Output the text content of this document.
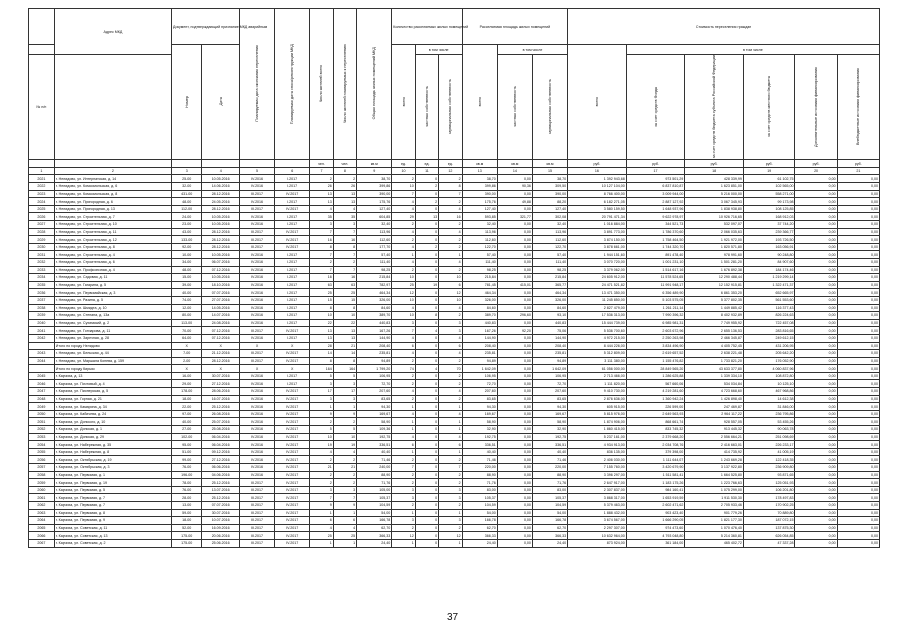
	Адрес МКД	Документ, подтверждающий признание МКД аварийным		Планируемая дата окончания переселения	Планируемая дата сноса/реконструкции МКД	Число жителей всего	Число жителей планируемых к переселению	Общая площадь жилых помещений МКД	Количество расселяемых жилых помещений			Расселяемая площадь жилых помещений			Стоимость переселения граждан					
		Номер	Дата						всего	в том числе		всего	в том числе		всего	в том числе				
№ п/п										частная собственность	муниципальная собственность		частная собственность	муниципальная собственность		за счет средств Фонда	за счет средств бюджета субъекта Российской Федерации	за счет средств местного бюджета	Дополнительные источники финансирования	Внебюджетные источники финансирования
						чел.	чел.	кв.м	ед.	ед.	ед.	кв.м	кв.м	кв.м	руб.	руб.	руб.	руб.	руб.	руб.
1	2	3	4	5	6	7	8	9	10	11	12	13	14	15	16	17	18	19	20	21
2021	г. Нелидово, ул. Интернатская, д. 14	25-00	10.05.2016	IV.2016	I.2017	2	2	38,70	2	0	2	38,70	0,00	38,70	1 392 943,68	973 501,29	428 339,99	61 102,75	0,00	0,00
2022	г. Нелидово, ул. Комсомольская, д. 6	32-00	14.06.2016	IV.2016	I.2017	26	26	399,86	10	2	8	399,86	90,36	309,50	10 127 104,00	6 837 810,87	1 623 851,00	102 565,00	0,00	0,00
2023	г. Нелидово, ул. Комсомольская, д. 8	431-00	28.12.2016	III.2017	IV.2017	13	13	390,00	7	0	7	390,00	0,00	390,00	8 766 400,00	3 009 944,00	5 216 000,00	558 271,00	0,00	0,00
2024	г. Нелидово, ул. Пригородная, д. 6	48-00	24.05.2016	IV.2016	I.2017	13	13	175,76	4	2	2	175,76	49,88	88,20	6 182 271,05	2 887 127,92	3 067 345,93	99 173,98	0,00	0,00
2025	г. Нелидово, ул. Пригородная, д. 13	112-00	28.12.2016	III.2017	IV.2017	4	4	127,40	4	0	4	127,40	0,00	127,40	3 580 159,50	1 648 937,96	1 838 938,80	108 125,85	0,00	0,00
2026	г. Нелидово, ул. Строительная, д. 7	24-00	10.05.2016	IV.2016	I.2017	35	35	604,85	29	13	16	593,85	321,77	302,08	20 791 471,34	9 622 978,97	10 926 716,65	168 912,03	0,00	0,00
2027	г. Нелидово, ул. Строительная, д. 10	23-00	10.05.2016	IV.2016	I.2017	3	3	32,40	2	0	2	32,40	0,00	32,40	1 016 884,00	344 521,73	532 097,07	37 744,20	0,00	0,00
2028	г. Нелидово, ул. Строительная, д. 11	43-00	28.12.2016	III.2017	IV.2017	7	7	113,96	4	0	4	113,96	0,00	113,96	3 891 773,00	1 786 370,60	2 066 035,63	239 366,77	0,00	0,00
2029	г. Нелидово, ул. Строительная, д. 12	133-00	28.12.2016	III.2017	IV.2017	16	16	112,60	2	0	2	112,60	0,00	112,60	3 874 150,00	1 758 464,50	1 921 972,00	193 726,50	0,00	0,00
2030	г. Нелидово, ул. Строительная, д. 8	92-00	28.12.2016	III.2017	IV.2017	8	8	177,70	4	2	2	122,70	0,00	122,70	3 878 661,00	1 744 320,70	1 820 571,80	163 056,91	0,00	0,00
2031	г. Нелидово, ул. Строительная, д. 4	10-00	10.05.2016	IV.2016	I.2017	7	7	57,40	1	0	1	57,40	0,00	57,40	1 944 151,60	891 478,40	978 991,60	90 248,80	0,00	0,00
2032	г. Нелидово, ул. Строительная, д. 6	34-00	06.07.2016	IV.2016	I.2017	2	2	111,40	4	0	4	111,40	0,00	111,40	3 070 720,00	1 001 231,10	1 501 281,20	84 907,60	0,00	0,00
2033	г. Нелидово, ул. Профсоюзная, д. 4	48-00	07.12.2016	IV.2016	I.2017	7	7	98,25	2	0	2	98,25	0,00	98,25	3 379 062,00	1 514 617,16	1 676 892,38	184 174,46	0,00	0,00
2034	г. Нелидово, ул. Садовая, д. 11	15-00	10.05.2016	IV.2016	I.2017	16	16	215,84	10	0	10	215,84	0,00	215,84	24 605 912,00	11 578 524,65	12 290 488,44	1 219 299,14	0,00	0,00
2035	г. Нелидово, ул. Гагарина, д. 5	39-00	18.10.2016	IV.2016	I.2017	63	63	782,97	25	19	6	781,45	415,01	365,77	24 471 521,82	11 991 948,17	12 152 915,81	1 322 471,37	0,00	0,00
2036	г. Нелидово, ул. Первомайская, д. 3	40-00	07.07.2016	IV.2016	I.2017	25	25	464,34	12	0	12	464,34	0,00	464,34	13 471 350,00	6 356 489,90	6 861 353,20	652 665,97	0,00	0,00
2037	г. Нелидово, ул. Разина, д. 5	74-00	27.07.2016	IV.2016	I.2017	15	15	326,00	10	0	10	326,00	0,00	326,00	11 245 850,00	5 103 575,05	5 377 802,35	561 553,60	0,00	0,00
2038	г. Нелидово, ул. Шмидта, д. 10	12-00	14.05.2016	IV.2016	I.2017	8	8	84,60	4	0	4	84,60	0,00	84,60	2 827 479,00	1 261 211,14	1 449 885,42	116 377,43	0,00	0,00
2039	г. Нелидово, ул. Степана, д. 13а	80-00	14.07.2016	IV.2016	I.2017	10	10	389,70	10	8	2	389,70	296,60	93,10	17 536 313,00	7 990 396,32	8 402 932,89	826 224,63	0,00	0,00
2040	г. Нелидово, ул. Сухимский, д. 2	113-00	24.08.2016	IV.2016	I.2017	22	22	440,83	3	0	3	440,83	0,00	440,83	15 444 739,00	6 985 981,31	7 749 955,92	722 457,08	0,00	0,00
2041	г. Нелидово, ул. Гончарова, д. 11	70-00	07.12.2016	III.2017	IV.2017	13	13	167,26	7	4	3	167,26	92,20	75,06	5 536 700,60	2 603 672,96	2 655 136,53	283 816,65	0,00	0,00
2042	г. Нелидово, ул. Заречная, д. 28	64-00	07.12.2016	IV.2016	I.2017	13	13	144,90	4	0	4	144,90	0,00	144,90	4 972 215,00	2 250 263,98	2 466 345,87	249 612,15	0,00	0,00
	Итого по городу Нелидово	X	X	X	X	28	21	208,40	6	0	6	208,40	0,00	208,40	8 444 226,00	3 834 496,90	4 405 752,45	431 206,95	0,00	0,00
2043	г. Нелидово, ул. Бельская, д. 44	7-00	21.12.2016	III.2017	IV.2017	14	14	235,81	4	0	4	235,81	0,00	235,81	5 312 809,00	2 619 657,52	2 638 221,48	205 642,20	0,00	0,00
2044	г. Нелидово, ул. Маршала Конева, д. 159	2-00	28.12.2016	III.2017	IV.2017	8	8	94,89	2	0	2	94,89	0,00	94,89	3 111 380,00	1 155 476,82	1 733 821,20	176 052,90	0,00	0,00
	Итого по городу Кирьяс	X	X	X	X	164	164	1 799,20	74	4	70	1 642,09	0,00	1 642,09	61 056 000,00	28 849 565,20	43 633 377,80	4 060 837,96	0,00	0,00
2045	г. Карчиха, д. 13	16-00	30.07.2016	IV.2016	I.2017	5	5	106,95	2	0	2	106,95	0,00	106,95	2 713 466,00	1 286 625,88	1 339 334,10	108 872,80	0,00	0,00
2046	г. Карчиха, ул. Почтовый, д. 4	29-00	27.12.2016	IV.2016	I.2017	3	3	72,70	2	0	2	72,70	0,00	72,70	1 111 820,00	567 660,06	534 034,84	10 125,10	0,00	0,00
2047	г. Карчиха, ул. Пионерская, д. 5	178-00	28.06.2016	IV.2016	IV.2017	17	17	207,60	4	0	4	207,60	0,00	207,60	9 410 730,00	4 219 281,60	4 723 668,60	467 968,86	0,00	0,00
2048	г. Карчиха, ул. Горная, д. 21	18-00	16.07.2016	IV.2016	IV.2017	3	3	83,65	2	0	2	83,65	0,00	83,65	2 876 636,00	1 360 942,24	1 426 898,40	14 612,38	0,00	0,00
2049	г. Карчиха, ул. Камарина, д. 34	22-00	25.12.2016	IV.2016	IV.2017	1	1	94,30	1	0	1	94,30	0,00	94,30	605 915,00	226 599,00	247 469,87	31 846,00	0,00	0,00
2050	г. Карчиха, ул. Кабичева, д. 24	97-00	26.08.2016	IV.2016	IV.2017	9	9	169,67	4	0	4	169,67	0,00	169,67	5 815 976,00	2 649 563,93	2 964 117,22	236 795,86	0,00	0,00
2051	г. Карчиха, ул. Донского, д. 10	40-00	25.07.2016	IV.2016	IV.2017	2	2	58,90	1	0	1	58,90	0,00	58,90	1 874 906,00	868 661,74	928 557,05	53 455,26	0,00	0,00
2052	г. Карчиха, ул. Донская, д. 1	27-00	25.08.2016	IV.2016	IV.2017	5	5	109,36	1	0	1	32,90	0,00	32,90	1 860 415,00	833 745,32	913 445,32	90 063,78	0,00	0,00
2053	г. Карчиха, ул. Донская, д. 29	102-00	06.04.2016	IV.2016	IV.2017	10	10	192,75	4	0	4	192,75	0,00	192,75	5 237 161,00	2 379 668,20	2 556 664,21	251 098,69	0,00	0,00
2054	г. Карчиха, ул. Набережная, д. 35	95-00	06.04.2016	IV.2016	IV.2017	19	19	336,51	6	0	6	336,51	0,00	336,51	4 934 913,00	2 034 708,76	2 416 663,01	226 233,17	0,00	0,00
2055	г. Карчиха, ул. Набережная, д. 8	51-00	09.12.2016	IV.2016	IV.2017	4	4	40,40	1	0	1	40,40	0,00	40,40	836 135,00	379 398,00	414 735,92	41 005,19	0,00	0,00
2056	г. Карчиха, ул. Октябрьская, д. 19	99-00	27.12.2016	IV.2016	IV.2017	2	2	71,46	2	0	2	71,46	0,00	71,46	2 406 030,00	1 111 644,07	1 243 669,28	122 418,35	0,00	0,00
2057	г. Карчиха, ул. Октябрьская, д. 3	76-00	06.06.2016	IV.2016	IV.2017	21	21	240,00	7	0	7	220,00	0,00	220,00	7 155 760,00	3 420 679,90	3 137 922,80	236 909,80	0,00	0,00
2058	г. Карчиха, ул. Первомая, д. 1	196-00	04.06.2016	IV.2016	IV.2017	2	2	88,90	2	0	2	88,90	0,00	88,90	3 396 297,00	1 511 581,41	1 664 525,80	93 871,65	0,00	0,00
2059	г. Карчиха, ул. Первомая, д. 19	78-00	25.12.2016	III.2017	IV.2017	2	2	71,76	2	0	2	71,76	0,00	71,76	2 647 917,00	1 183 175,26	1 223 766,63	125 051,93	0,00	0,00
2060	г. Карчиха, ул. Первомая, д. 5	76-00	13.07.2016	III.2017	IV.2017	3	3	105,00	3	0	3	83,00	0,00	83,00	2 307 837,00	984 160,41	1 075 299,00	106 201,80	0,00	0,00
2061	г. Карчиха, ул. Первомая, д. 7	28-00	25.12.2016	III.2017	IV.2017	7	7	105,37	3	0	3	105,37	0,00	105,37	3 868 317,00	1 653 919,59	1 911 530,30	178 497,83	0,00	0,00
2062	г. Карчиха, ул. Первомая, д. 7	13-00	07.07.2016	III.2017	IV.2017	9	9	104,59	2	0	2	104,59	0,00	104,59	5 379 463,00	2 602 471,62	2 705 933,46	170 902,25	0,00	0,00
2063	г. Карчиха, ул. Первомая, д. 8	59-00	30.07.2016	III.2017	IV.2017	1	1	54,00	1	0	1	54,00	0,00	54,00	1 888 432,00	903 423,40	901 779,26	70 889,80	0,00	0,00
2064	г. Карчиха, ул. Первомая, д. 9	18-00	10.07.2016	III.2017	IV.2017	6	6	166,78	3	0	3	166,78	0,00	166,78	3 674 567,00	1 666 290,05	1 821 177,30	187 072,15	0,00	0,00
2065	г. Карчиха, ул. Советская, д. 11	52-00	16.09.2016	III.2017	IV.2017	4	4	62,70	2	0	2	62,70	0,00	62,70	2 297 307,00	974 473,60	1 070 476,40	137 875,30	0,00	0,00
2066	г. Карчиха, ул. Советская, д. 13	175-00	20.06.2016	III.2017	IV.2017	25	25	366,33	12	0	12	366,33	0,00	366,33	10 632 964,00	4 793 048,80	5 214 360,81	626 054,85	0,00	0,00
2067	г. Карчиха, ул. Советская, д. 2	175-00	25.06.2016	III.2017	IV.2017	1	1	24,40	1	0	1	24,40	0,00	24,40	873 924,00	361 184,00	465 402,72	47 337,28	0,00	0,00
37
